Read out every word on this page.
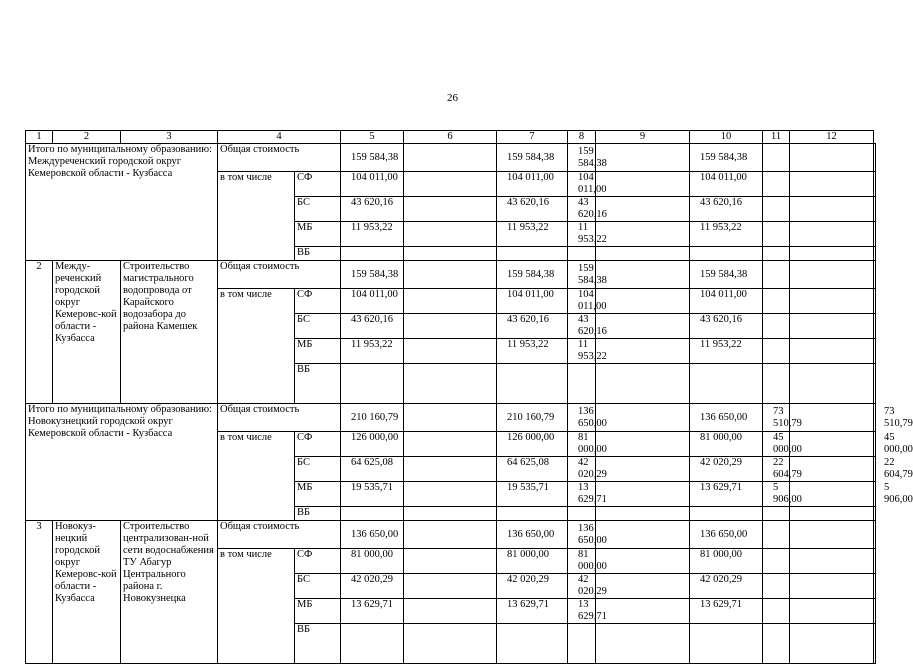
26
1	2	3	4		5	6	7	8	9	10	11	12	
Итого по муниципальному образованию: Междуреченский городской округ Кемеровской области - Кузбасса			Общая стоимость		159 584,38		159 584,38	159 584,38		159 584,38			
			в том числе	СФ	104 011,00		104 011,00	104 011,00		104 011,00			
				БС	43 620,16		43 620,16	43 620,16		43 620,16			
				МБ	11 953,22		11 953,22	11 953,22		11 953,22			
				ВБ									
2	Между-реченский городской округ Кемеровс-кой области - Кузбасса	Строительство магистрального водопровода от Карайского водозабора до района Камешек	Общая стоимость		159 584,38		159 584,38	159 584,38		159 584,38			
			в том числе	СФ	104 011,00		104 011,00	104 011,00		104 011,00			
				БС	43 620,16		43 620,16	43 620,16		43 620,16			
				МБ	11 953,22		11 953,22	11 953,22		11 953,22			
				ВБ									
Итого по муниципальному образованию: Новокузнецкий городской округ Кемеровской области - Кузбасса			Общая стоимость		210 160,79		210 160,79	136 650,00		136 650,00	73 510,79		73 510,79
			в том числе	СФ	126 000,00		126 000,00	81 000,00		81 000,00	45 000,00		45 000,00
				БС	64 625,08		64 625,08	42 020,29		42 020,29	22 604,79		22 604,79
				МБ	19 535,71		19 535,71	13 629,71		13 629,71	5 906,00		5 906,00
				ВБ									
3	Новокуз-нецкий городской округ Кемеровс-кой области - Кузбасса	Строительство централизован-ной сети водоснабжения ТУ Абагур Центрального района г. Новокузнецка	Общая стоимость		136 650,00		136 650,00	136 650,00		136 650,00			
			в том числе	СФ	81 000,00		81 000,00	81 000,00		81 000,00			
				БС	42 020,29		42 020,29	42 020,29		42 020,29			
				МБ	13 629,71		13 629,71	13 629,71		13 629,71			
				ВБ									
